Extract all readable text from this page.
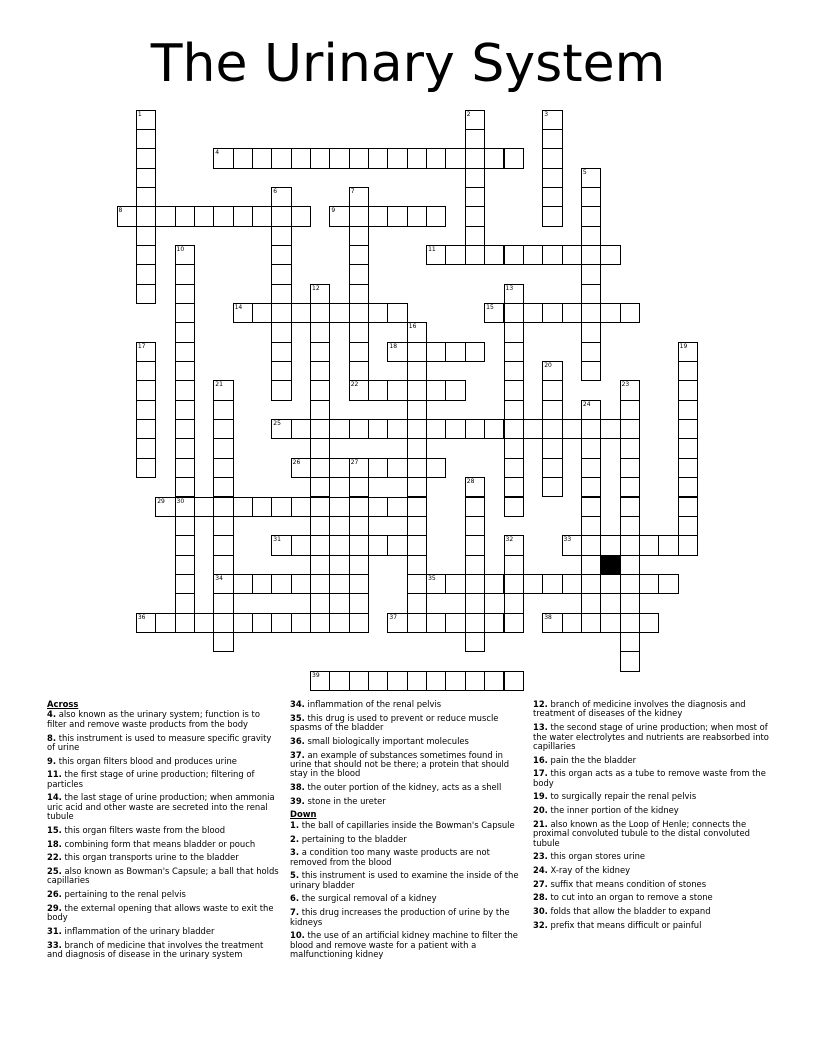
The Urinary System
1	2	3
4
5
6	7
22
8	9
10
30
11
12	13
14	15
16
17	18	19
20
21
34
23
24
25
26	27
28
29
31	32	33
35
36	37	38
39
Across
4. also known as the urinary system; function is to filter and remove waste products from the body
8. this instrument is used to measure specific gravity of urine
9. this organ filters blood and produces urine
11. the first stage of urine production; filtering of particles
14. the last stage of urine production; when ammonia uric acid and other waste are secreted into the renal tubule
15. this organ filters waste from the blood
18. combining form that means bladder or pouch
22. this organ transports urine to the bladder
25. also known as Bowman's Capsule; a ball that holds capillaries
26. pertaining to the renal pelvis
29. the external opening that allows waste to exit the body
31. inflammation of the urinary bladder
33. branch of medicine that involves the treatment and diagnosis of disease in the urinary system
34. inflammation of the renal pelvis
35. this drug is used to prevent or reduce muscle spasms of the bladder
36. small biologically important molecules
37. an example of substances sometimes found in urine that should not be there; a protein that should stay in the blood
38. the outer portion of the kidney, acts as a shell
39. stone in the ureter
Down
1. the ball of capillaries inside the Bowman's Capsule
2. pertaining to the bladder
3. a condition too many waste products are not removed from the blood
5. this instrument is used to examine the inside of the urinary bladder
6. the surgical removal of a kidney
7. this drug increases the production of urine by the kidneys
10. the use of an artificial kidney machine to filter the blood and remove waste for a patient with a malfunctioning kidney
12. branch of medicine involves the diagnosis and treatment of diseases of the kidney
13. the second stage of urine production; when most of the water electrolytes and nutrients are reabsorbed into capillaries
16. pain the the bladder
17. this organ acts as a tube to remove waste from the body
19. to surgically repair the renal pelvis
20. the inner portion of the kidney
21. also known as the Loop of Henle; connects the proximal convoluted tubule to the distal convoluted tubule
23. this organ stores urine
24. X-ray of the kidney
27. suffix that means condition of stones
28. to cut into an organ to remove a stone
30. folds that allow the bladder to expand
32. prefix that means difficult or painful
